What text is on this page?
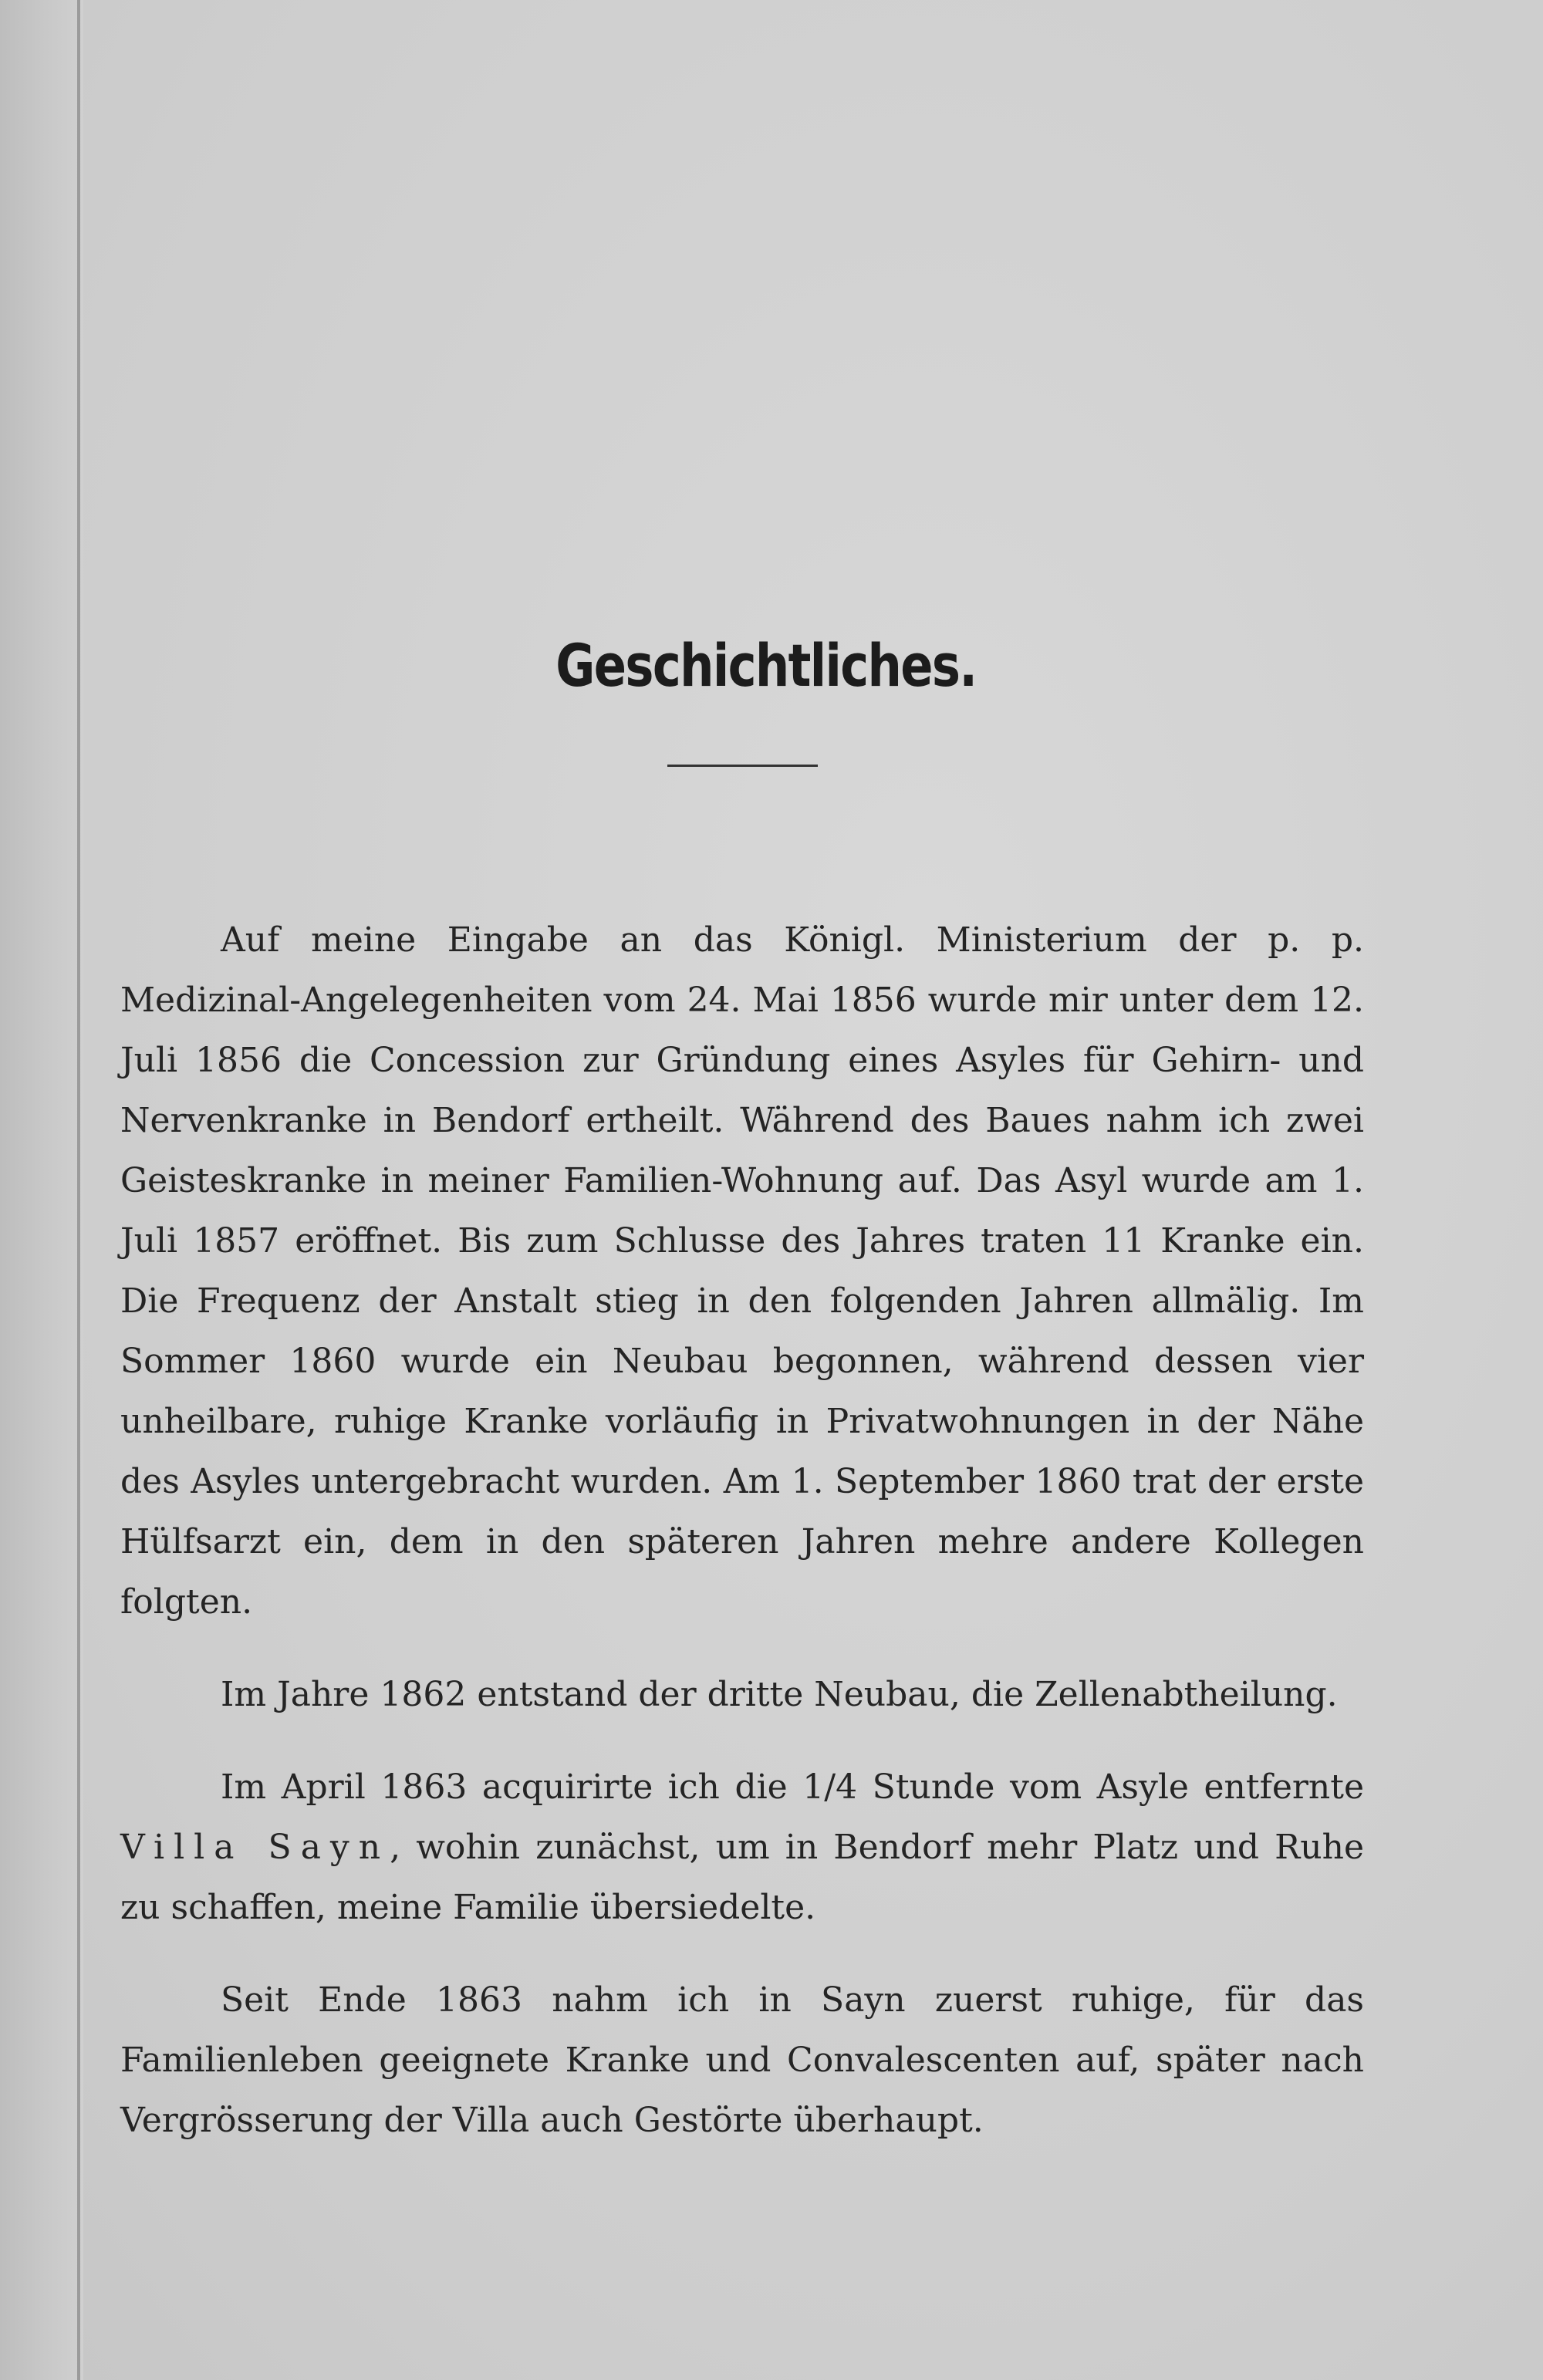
Geschichtliches.

Auf meine Eingabe an das Königl. Ministerium der p. p. Medizinal-Angelegenheiten vom 24. Mai 1856 wurde mir unter dem 12. Juli 1856 die Concession zur Gründung eines Asyles für Gehirn- und Nervenkranke in Bendorf ertheilt. Während des Baues nahm ich zwei Geisteskranke in meiner Familien-Wohnung auf. Das Asyl wurde am 1. Juli 1857 eröffnet. Bis zum Schlusse des Jahres traten 11 Kranke ein. Die Frequenz der Anstalt stieg in den folgenden Jahren allmälig. Im Sommer 1860 wurde ein Neubau begonnen, während dessen vier unheilbare, ruhige Kranke vorläufig in Privatwohnungen in der Nähe des Asyles untergebracht wurden. Am 1. September 1860 trat der erste Hülfsarzt ein, dem in den späteren Jahren mehre andere Kollegen folgten.

Im Jahre 1862 entstand der dritte Neubau, die Zellenabtheilung.

Im April 1863 acquirirte ich die 1/4 Stunde vom Asyle entfernte Villa Sayn, wohin zunächst, um in Bendorf mehr Platz und Ruhe zu schaffen, meine Familie übersiedelte.

Seit Ende 1863 nahm ich in Sayn zuerst ruhige, für das Familienleben geeignete Kranke und Convalescenten auf, später nach Vergrösserung der Villa auch Gestörte überhaupt.
